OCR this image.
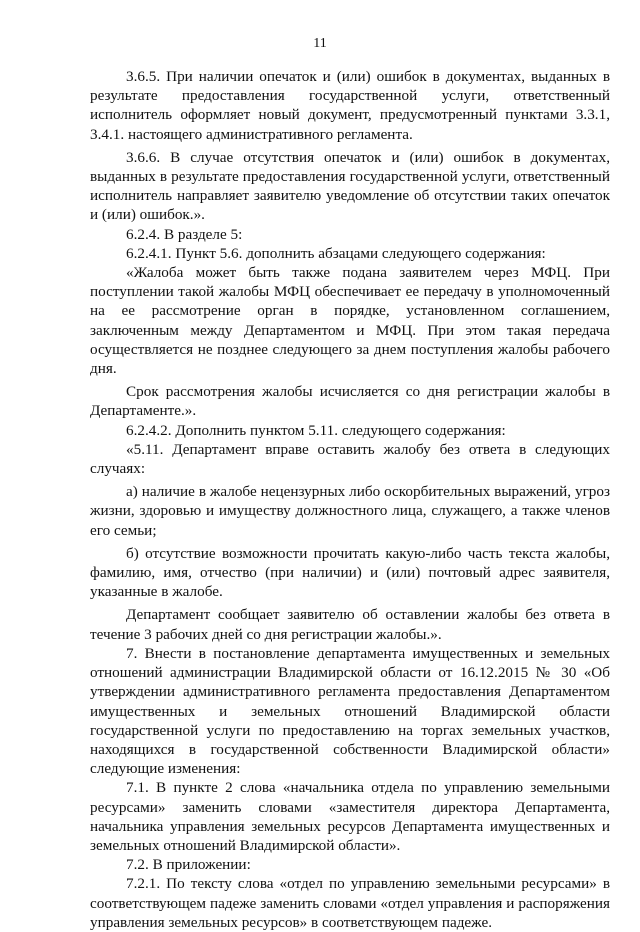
11

3.6.5. При наличии опечаток и (или) ошибок в документах, выданных в результате предоставления государственной услуги, ответственный исполнитель оформляет новый документ, предусмотренный пунктами 3.3.1, 3.4.1. настоящего административного регламента.

3.6.6. В случае отсутствия опечаток и (или) ошибок в документах, выданных в результате предоставления государственной услуги, ответственный исполнитель направляет заявителю уведомление об отсутствии таких опечаток и (или) ошибок.».

6.2.4. В разделе 5:

6.2.4.1. Пункт 5.6. дополнить абзацами следующего содержания:

«Жалоба может быть также подана заявителем через МФЦ. При поступлении такой жалобы МФЦ обеспечивает ее передачу в уполномоченный на ее рассмотрение орган в порядке, установленном соглашением, заключенным между Департаментом и МФЦ. При этом такая передача осуществляется не позднее следующего за днем поступления жалобы рабочего дня.

Срок рассмотрения жалобы исчисляется со дня регистрации жалобы в Департаменте.».

6.2.4.2. Дополнить пунктом 5.11. следующего содержания:

«5.11. Департамент вправе оставить жалобу без ответа в следующих случаях:

а) наличие в жалобе нецензурных либо оскорбительных выражений, угроз жизни, здоровью и имуществу должностного лица, служащего, а также членов его семьи;

б) отсутствие возможности прочитать какую-либо часть текста жалобы, фамилию, имя, отчество (при наличии) и (или) почтовый адрес заявителя, указанные в жалобе.

Департамент сообщает заявителю об оставлении жалобы без ответа в течение 3 рабочих дней со дня регистрации жалобы.».

7. Внести в постановление департамента имущественных и земельных отношений администрации Владимирской области от 16.12.2015 № 30 «Об утверждении административного регламента предоставления Департаментом имущественных и земельных отношений Владимирской области государственной услуги по предоставлению на торгах земельных участков, находящихся в государственной собственности Владимирской области» следующие изменения:

7.1. В пункте 2 слова «начальника отдела по управлению земельными ресурсами» заменить словами «заместителя директора Департамента, начальника управления земельных ресурсов Департамента имущественных и земельных отношений Владимирской области».

7.2. В приложении:

7.2.1. По тексту слова «отдел по управлению земельными ресурсами» в соответствующем падеже заменить словами «отдел управления и распоряжения управления земельных ресурсов» в соответствующем падеже.
